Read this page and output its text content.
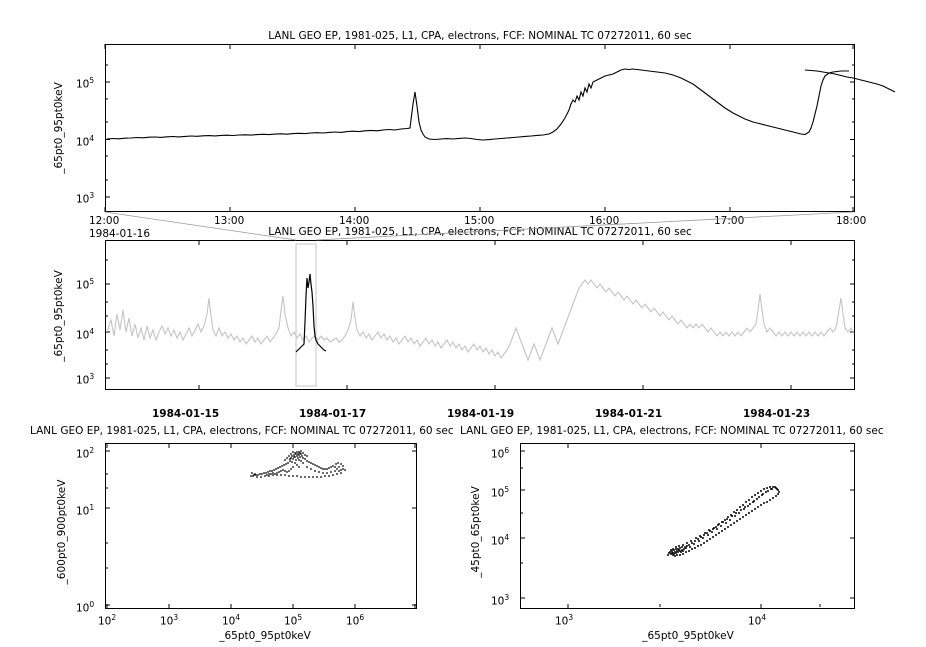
LANL GEO EP, 1981-025, L1, CPA, electrons, FCF: NOMINAL TC 07272011, 60 sec
_65pt0_95pt0keV $10^5$
$10^4$
$10^3$
12:00	13:00	14:00	15:00	16:00	17:00	18:00
1984-01-16	LANL GEO EP, 1981-025, L1, CPA, electrons, FCF: NOMINAL TC 07272011, 60 sec
_65pt0_95pt0keV $10^5$
$10^4$
$10^3$
1984-01-15	1984-01-17	1984-01-19	1984-01-21	1984-01-23
LANL GEO EP, 1981-025, L1, CPA, electrons, FCF: NOMINAL TC 07272011, 60 sec
_600pt0_900pt0keV
_65pt0_95pt0keV
$10^2$
$10^1$
$10^0$
$10^2$	$10^3$	$10^4$	$10^5$	$10^6$
LANL GEO EP, 1981-025, L1, CPA, electrons, FCF: NOMINAL TC 07272011, 60 sec
_45pt0_65pt0keV
_65pt0_95pt0keV
$10^6$
$10^5$
$10^4$
$10^3$
$10^3$	$10^4$
